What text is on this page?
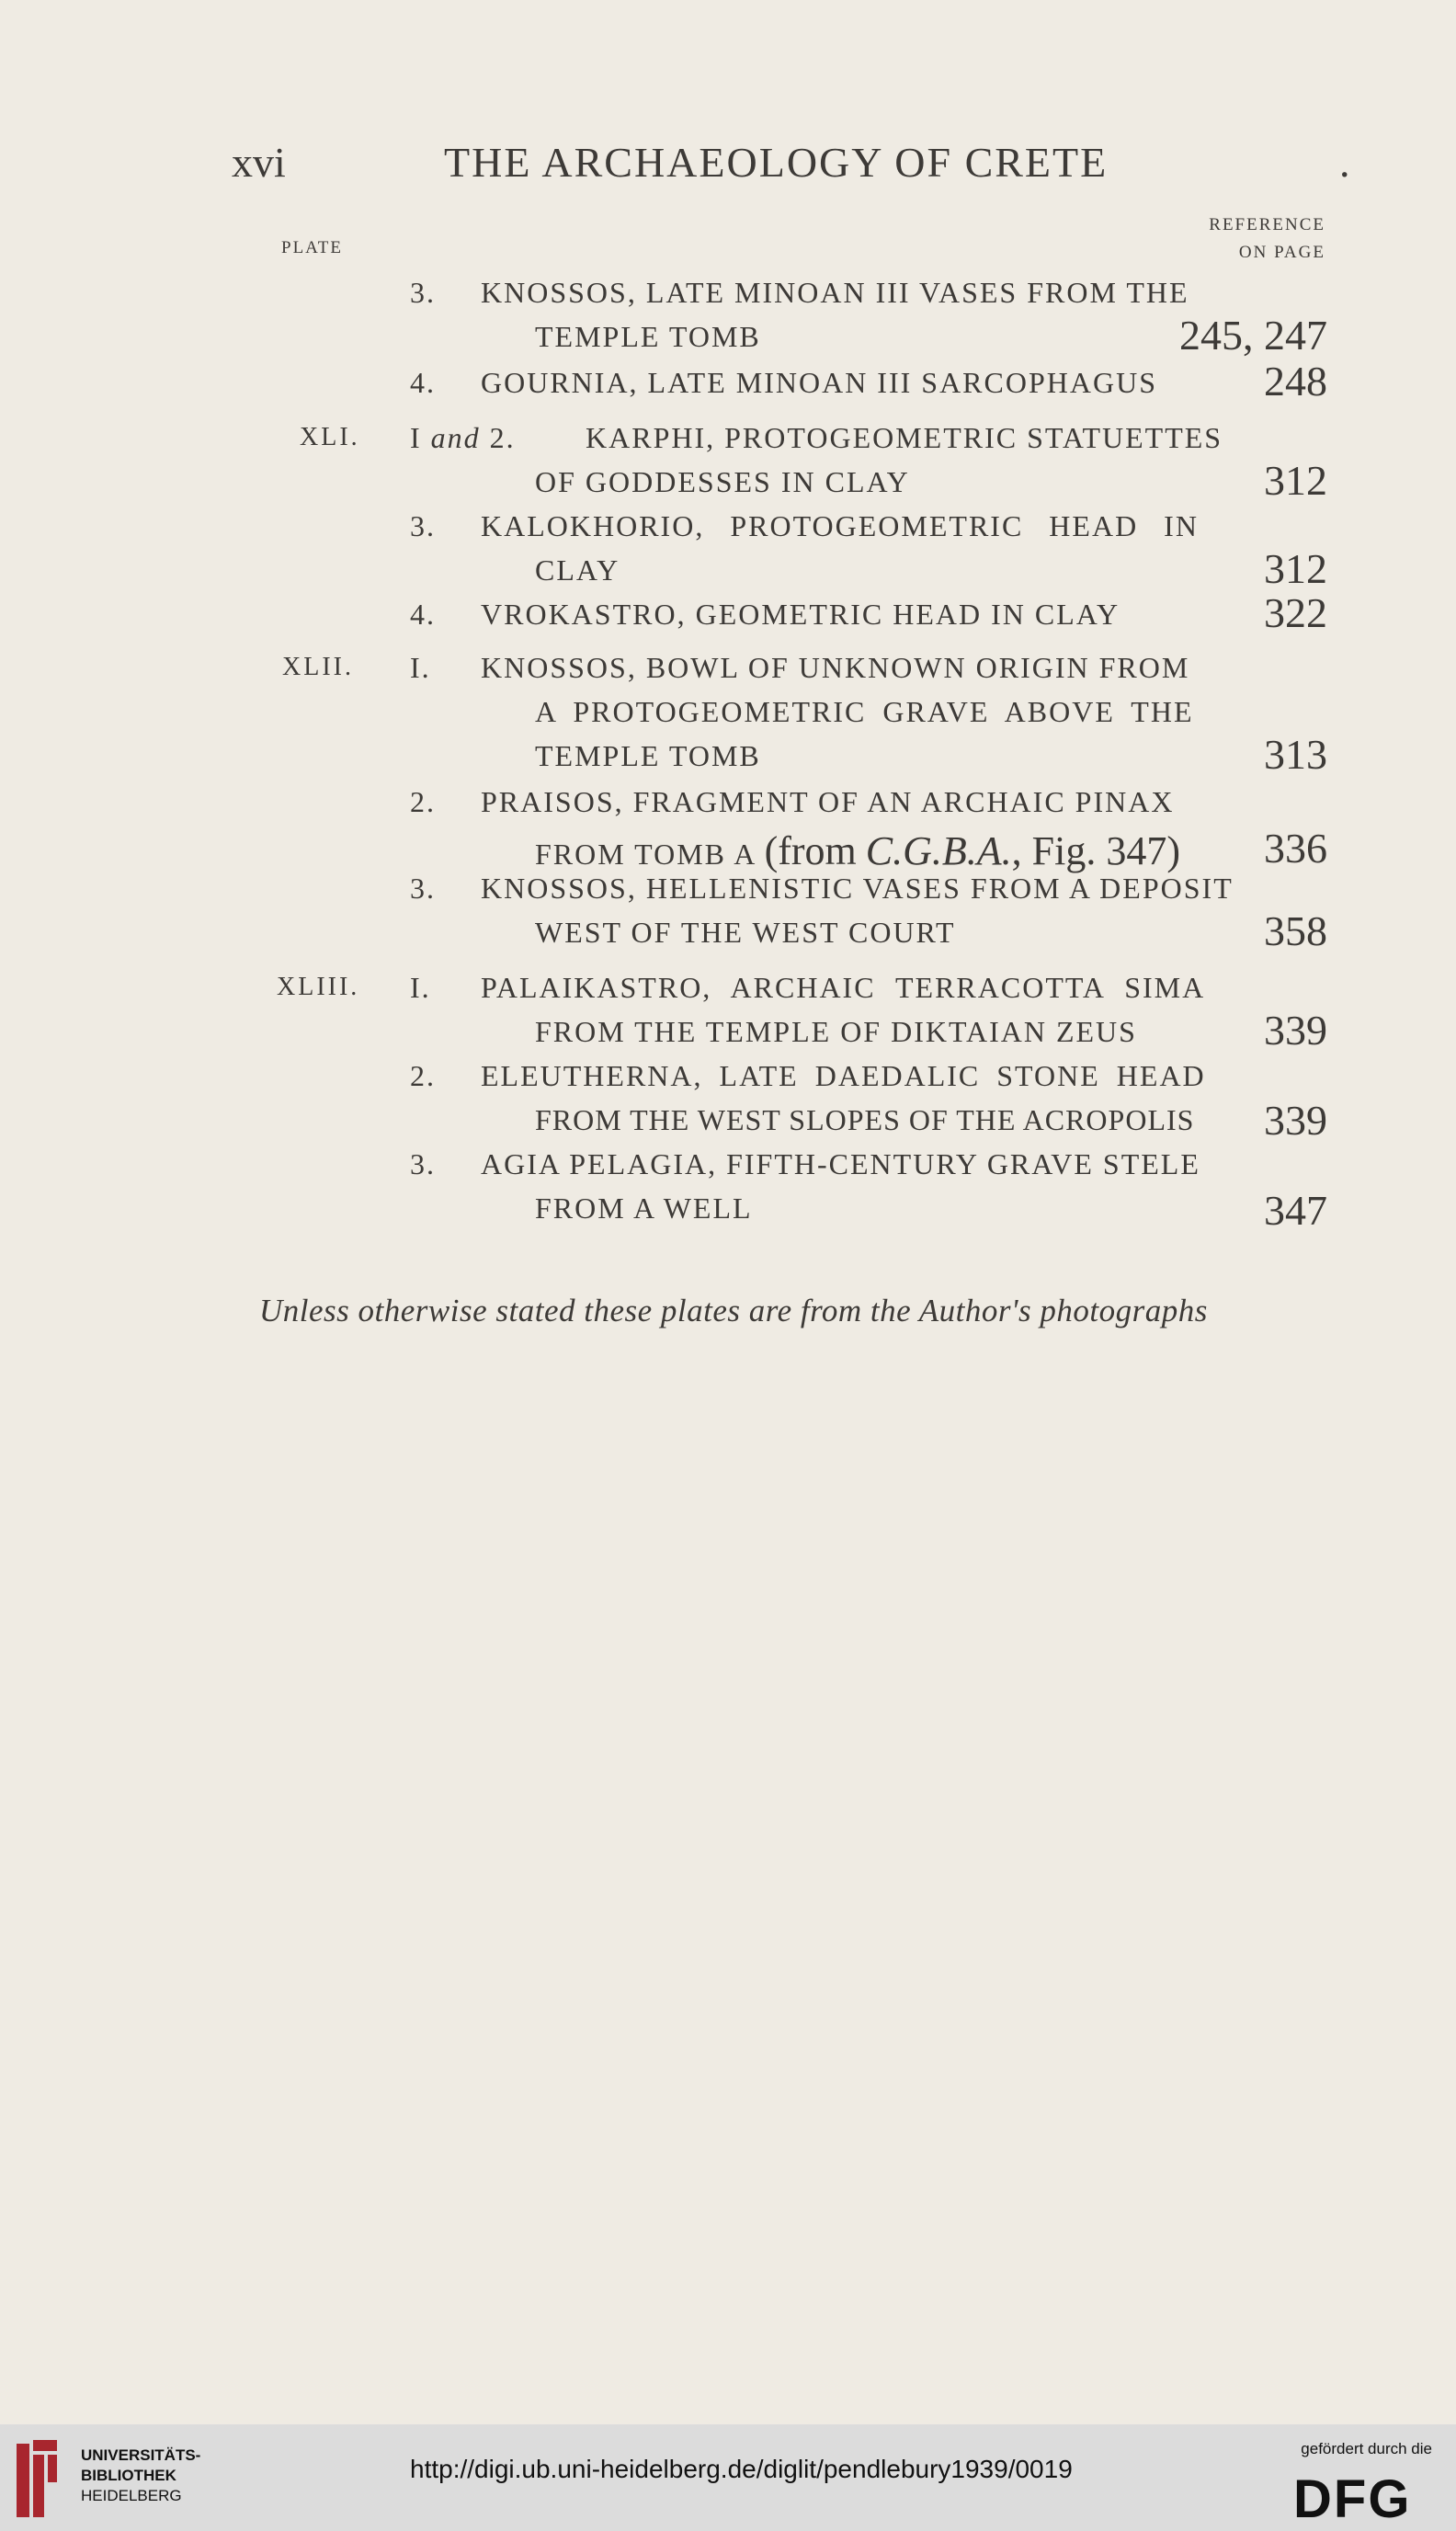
xvi	THE ARCHAEOLOGY OF CRETE	.
PLATE
REFERENCE
ON PAGE
3. KNOSSOS, LATE MINOAN III VASES FROM THE
TEMPLE TOMB	245, 247
4. GOURNIA, LATE MINOAN III SARCOPHAGUS	248
XLI. I and 2. KARPHI, PROTOGEOMETRIC STATUETTES
OF GODDESSES IN CLAY	312
3. KALOKHORIO, PROTOGEOMETRIC HEAD IN
CLAY	312
4. VROKASTRO, GEOMETRIC HEAD IN CLAY	322
XLII. I. KNOSSOS, BOWL OF UNKNOWN ORIGIN FROM
A PROTOGEOMETRIC GRAVE ABOVE THE
TEMPLE TOMB	313
2. PRAISOS, FRAGMENT OF AN ARCHAIC PINAX
FROM TOMB A (from C.G.B.A., Fig. 347) 336
3. KNOSSOS, HELLENISTIC VASES FROM A DEPOSIT
WEST OF THE WEST COURT	358
XLIII. I. PALAIKASTRO, ARCHAIC TERRACOTTA SIMA
FROM THE TEMPLE OF DIKTAIAN ZEUS	339
2. ELEUTHERNA, LATE DAEDALIC STONE HEAD
FROM THE WEST SLOPES OF THE ACROPOLIS 339
3. AGIA PELAGIA, FIFTH-CENTURY GRAVE STELE
FROM A WELL	347
Unless otherwise stated these plates are from the Author's photographs
UNIVERSITÄTS-
BIBLIOTHEK
HEIDELBERG
http://digi.ub.uni-heidelberg.de/diglit/pendlebury1939/0019
gefördert durch die
DFG
